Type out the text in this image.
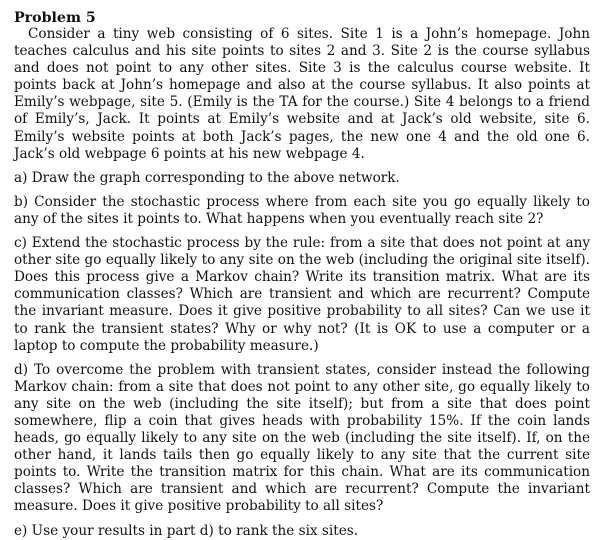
Problem 5

Consider a tiny web consisting of 6 sites. Site 1 is a John’s homepage. John teaches calculus and his site points to sites 2 and 3. Site 2 is the course syllabus and does not point to any other sites. Site 3 is the calculus course website. It points back at John’s homepage and also at the course syllabus. It also points at Emily’s webpage, site 5. (Emily is the TA for the course.) Site 4 belongs to a friend of Emily’s, Jack. It points at Emily’s website and at Jack’s old website, site 6. Emily’s website points at both Jack’s pages, the new one 4 and the old one 6. Jack’s old webpage 6 points at his new webpage 4.

a) Draw the graph corresponding to the above network.

b) Consider the stochastic process where from each site you go equally likely to any of the sites it points to. What happens when you eventually reach site 2?

c) Extend the stochastic process by the rule: from a site that does not point at any other site go equally likely to any site on the web (including the original site itself). Does this process give a Markov chain? Write its transition matrix. What are its communication classes? Which are transient and which are recurrent? Compute the invariant measure. Does it give positive probability to all sites? Can we use it to rank the transient states? Why or why not? (It is OK to use a computer or a laptop to compute the probability measure.)

d) To overcome the problem with transient states, consider instead the following Markov chain: from a site that does not point to any other site, go equally likely to any site on the web (including the site itself); but from a site that does point somewhere, flip a coin that gives heads with probability 15%. If the coin lands heads, go equally likely to any site on the web (including the site itself). If, on the other hand, it lands tails then go equally likely to any site that the current site points to. Write the transition matrix for this chain. What are its communication classes? Which are transient and which are recurrent? Compute the invariant measure. Does it give positive probability to all sites?

e) Use your results in part d) to rank the six sites.
